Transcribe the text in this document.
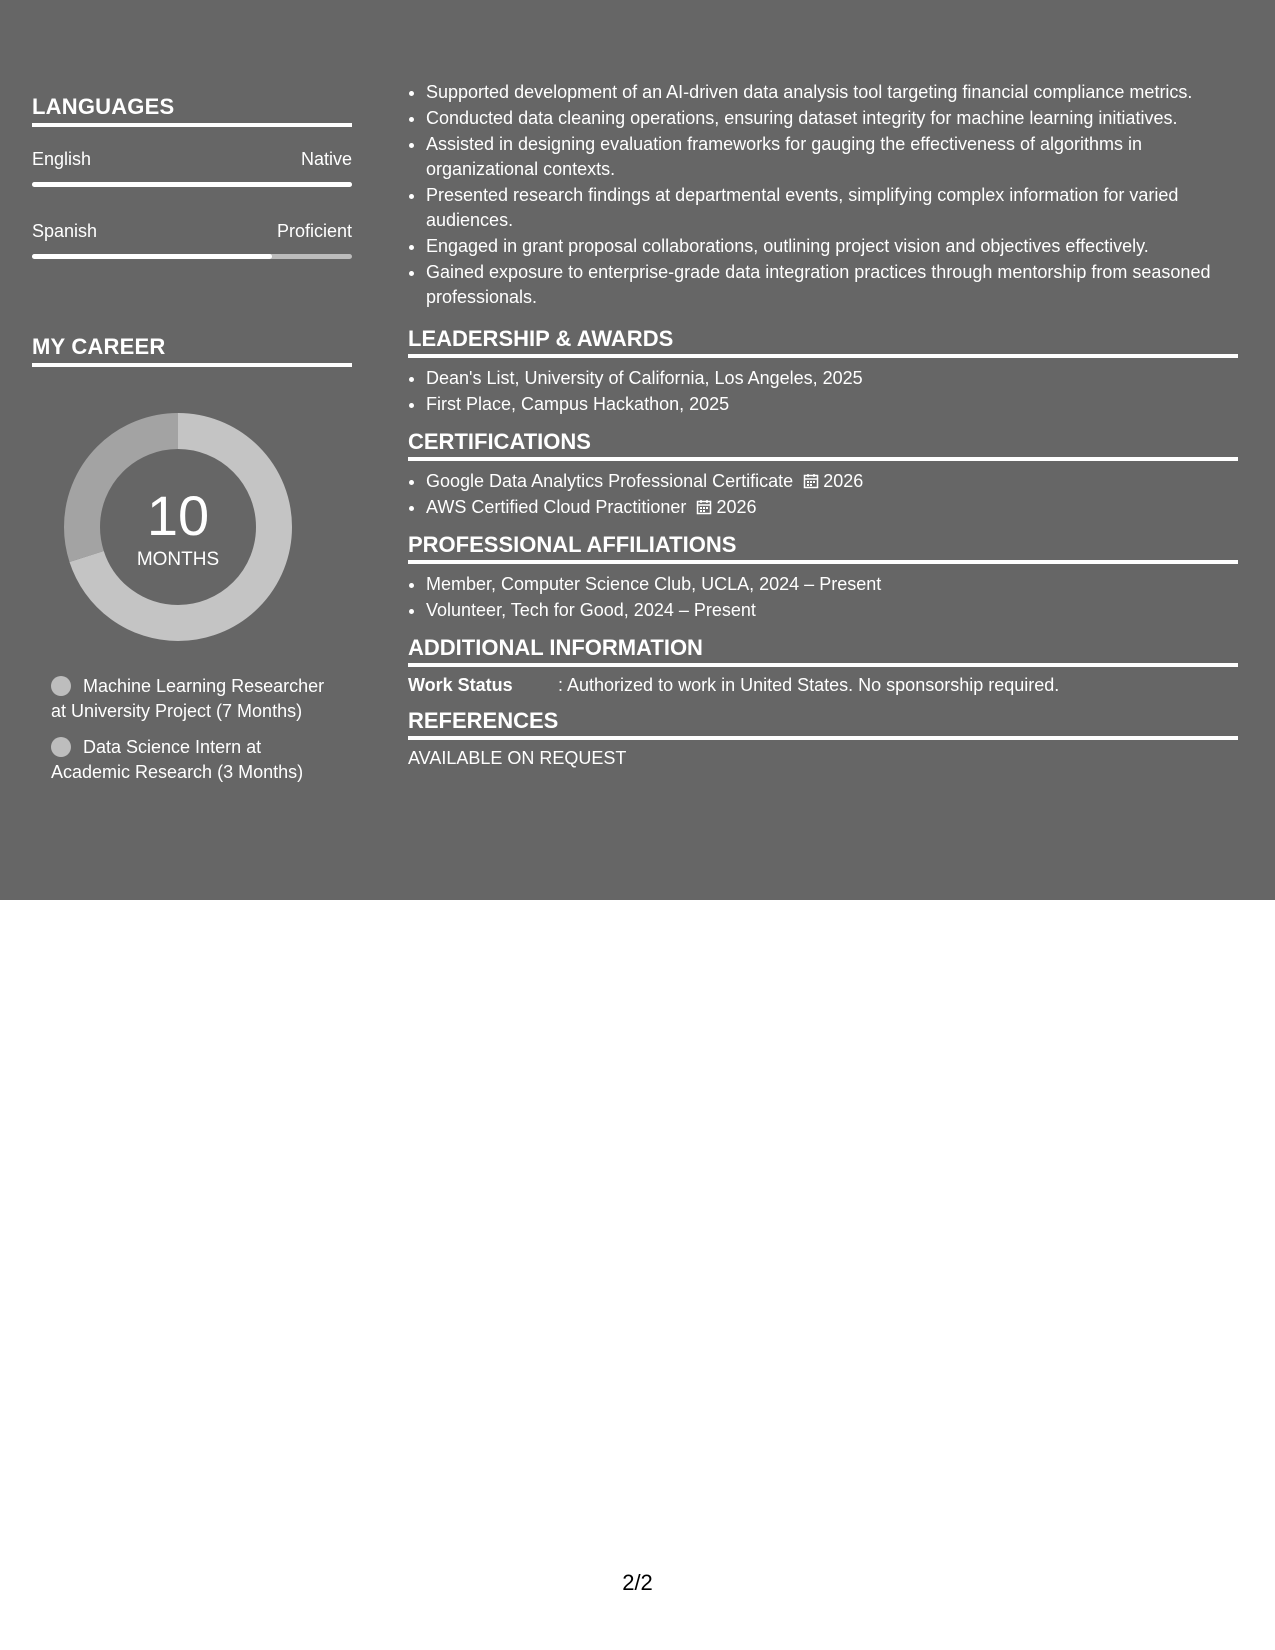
LANGUAGES
English	Native
Spanish	Proficient
MY CAREER
10
MONTHS
Machine Learning Researcher at University Project (7 Months)
Data Science Intern at Academic Research (3 Months)
• Supported development of an AI-driven data analysis tool targeting financial compliance metrics.
• Conducted data cleaning operations, ensuring dataset integrity for machine learning initiatives.
• Assisted in designing evaluation frameworks for gauging the effectiveness of algorithms in organizational contexts.
• Presented research findings at departmental events, simplifying complex information for varied audiences.
• Engaged in grant proposal collaborations, outlining project vision and objectives effectively.
• Gained exposure to enterprise-grade data integration practices through mentorship from seasoned professionals.
LEADERSHIP & AWARDS
• Dean's List, University of California, Los Angeles, 2025
• First Place, Campus Hackathon, 2025
CERTIFICATIONS
• Google Data Analytics Professional Certificate 2026
• AWS Certified Cloud Practitioner 2026
PROFESSIONAL AFFILIATIONS
• Member, Computer Science Club, UCLA, 2024 – Present
• Volunteer, Tech for Good, 2024 – Present
ADDITIONAL INFORMATION
Work Status	: Authorized to work in United States. No sponsorship required.
REFERENCES
AVAILABLE ON REQUEST
2/2
